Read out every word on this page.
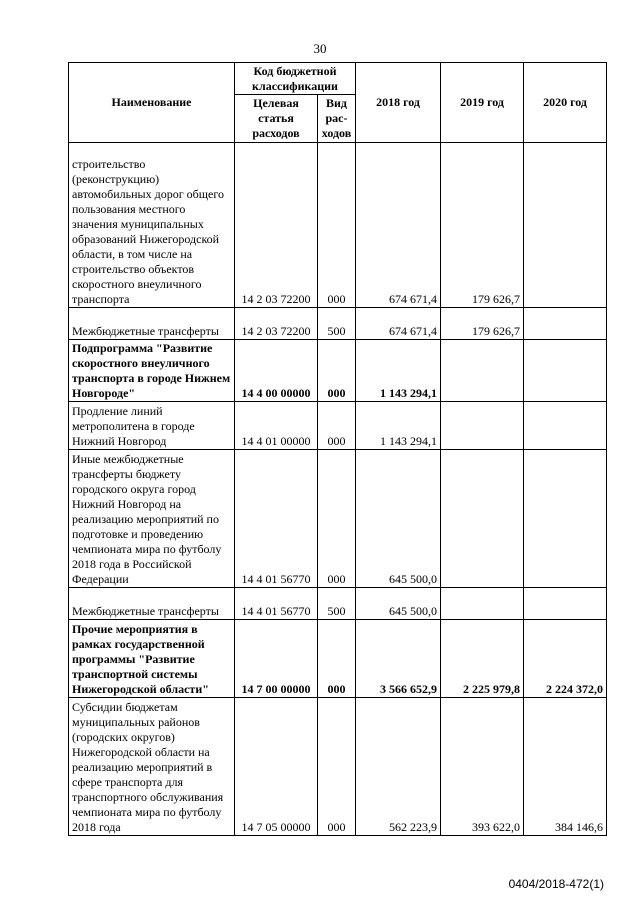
30
Наименование	Код бюджетной классификации		2018 год	2019 год	2020 год
	Целевая статья расходов	Вид рас-ходов			
строительство (реконструкцию) автомобильных дорог общего пользования местного значения муниципальных образований Нижегородской области, в том числе на строительство объектов скоростного внеуличного транспорта	14 2 03 72200	000	674 671,4	179 626,7	
Межбюджетные трансферты	14 2 03 72200	500	674 671,4	179 626,7	
Подпрограмма "Развитие скоростного внеуличного транспорта в городе Нижнем Новгороде"	14 4 00 00000	000	1 143 294,1		
Продление линий метрополитена в городе Нижний Новгород	14 4 01 00000	000	1 143 294,1		
Иные межбюджетные трансферты бюджету городского округа город Нижний Новгород на реализацию мероприятий по подготовке и проведению чемпионата мира по футболу 2018 года в Российской Федерации	14 4 01 56770	000	645 500,0		
Межбюджетные трансферты	14 4 01 56770	500	645 500,0		
Прочие мероприятия в рамках государственной программы "Развитие транспортной системы Нижегородской области"	14 7 00 00000	000	3 566 652,9	2 225 979,8	2 224 372,0
Субсидии бюджетам муниципальных районов (городских округов) Нижегородской области на реализацию мероприятий в сфере транспорта для транспортного обслуживания чемпионата мира по футболу 2018 года	14 7 05 00000	000	562 223,9	393 622,0	384 146,6
0404/2018-472(1)
